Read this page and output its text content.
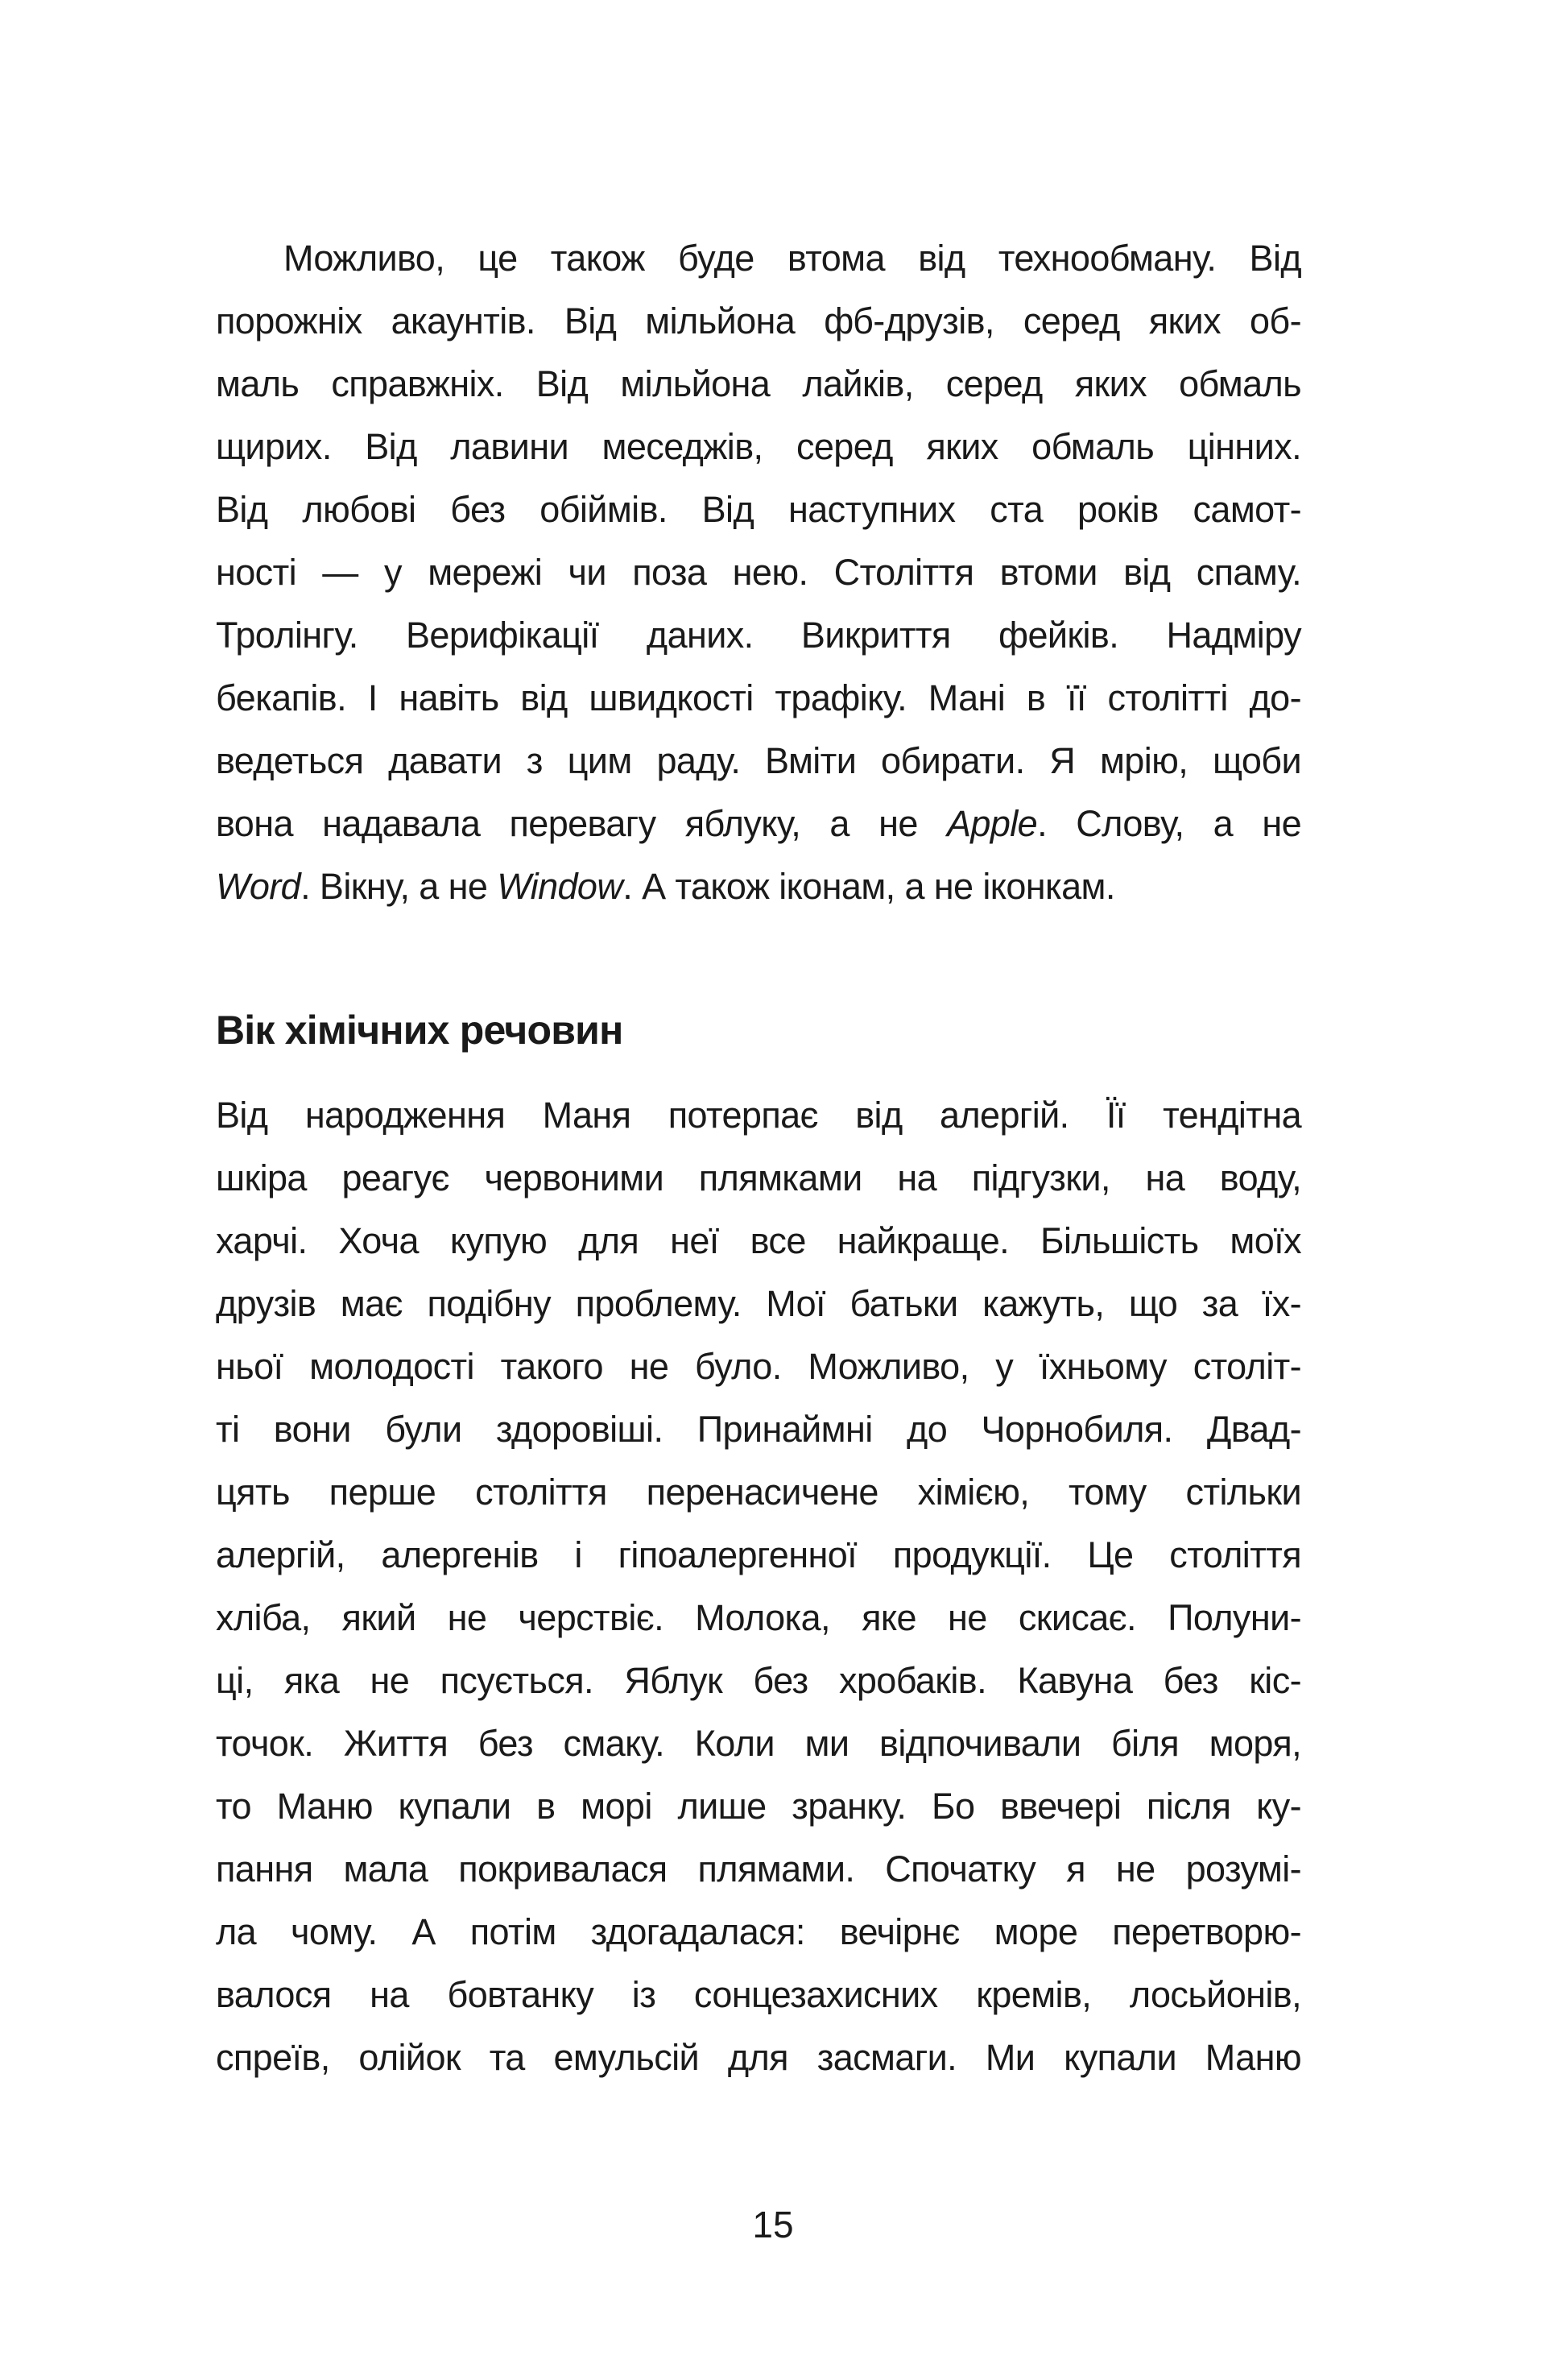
Можливо, це також буде втома від технообману. Від
порожніх акаунтів. Від мільйона фб-друзів, серед яких об-
маль справжніх. Від мільйона лайків, серед яких обмаль
щирих. Від лавини меседжів, серед яких обмаль цінних.
Від любові без обіймів. Від наступних ста років самот-
ності — у мережі чи поза нею. Століття втоми від спаму.
Тролінгу. Верифікації даних. Викриття фейків. Надміру
бекапів. І навіть від швидкості трафіку. Мані в її столітті до-
ведеться давати з цим раду. Вміти обирати. Я мрію, щоби
вона надавала перевагу яблуку, а не Apple. Слову, а не
Word. Вікну, а не Window. А також іконам, а не іконкам.
Вік хімічних речовин
Від народження Маня потерпає від алергій. Її тендітна
шкіра реагує червоними плямками на підгузки, на воду,
харчі. Хоча купую для неї все найкраще. Більшість моїх
друзів має подібну проблему. Мої батьки кажуть, що за їх-
ньої молодості такого не було. Можливо, у їхньому століт-
ті вони були здоровіші. Принаймні до Чорнобиля. Двад-
цять перше століття перенасичене хімією, тому стільки
алергій, алергенів і гіпоалергенної продукції. Це століття
хліба, який не черствіє. Молока, яке не скисає. Полуни-
ці, яка не псується. Яблук без хробаків. Кавуна без кіс-
точок. Життя без смаку. Коли ми відпочивали біля моря,
то Маню купали в морі лише зранку. Бо ввечері після ку-
пання мала покривалася плямами. Спочатку я не розумі-
ла чому. А потім здогадалася: вечірнє море перетворю-
валося на бовтанку із сонцезахисних кремів, лосьйонів,
спреїв, олійок та емульсій для засмаги. Ми купали Маню
15
